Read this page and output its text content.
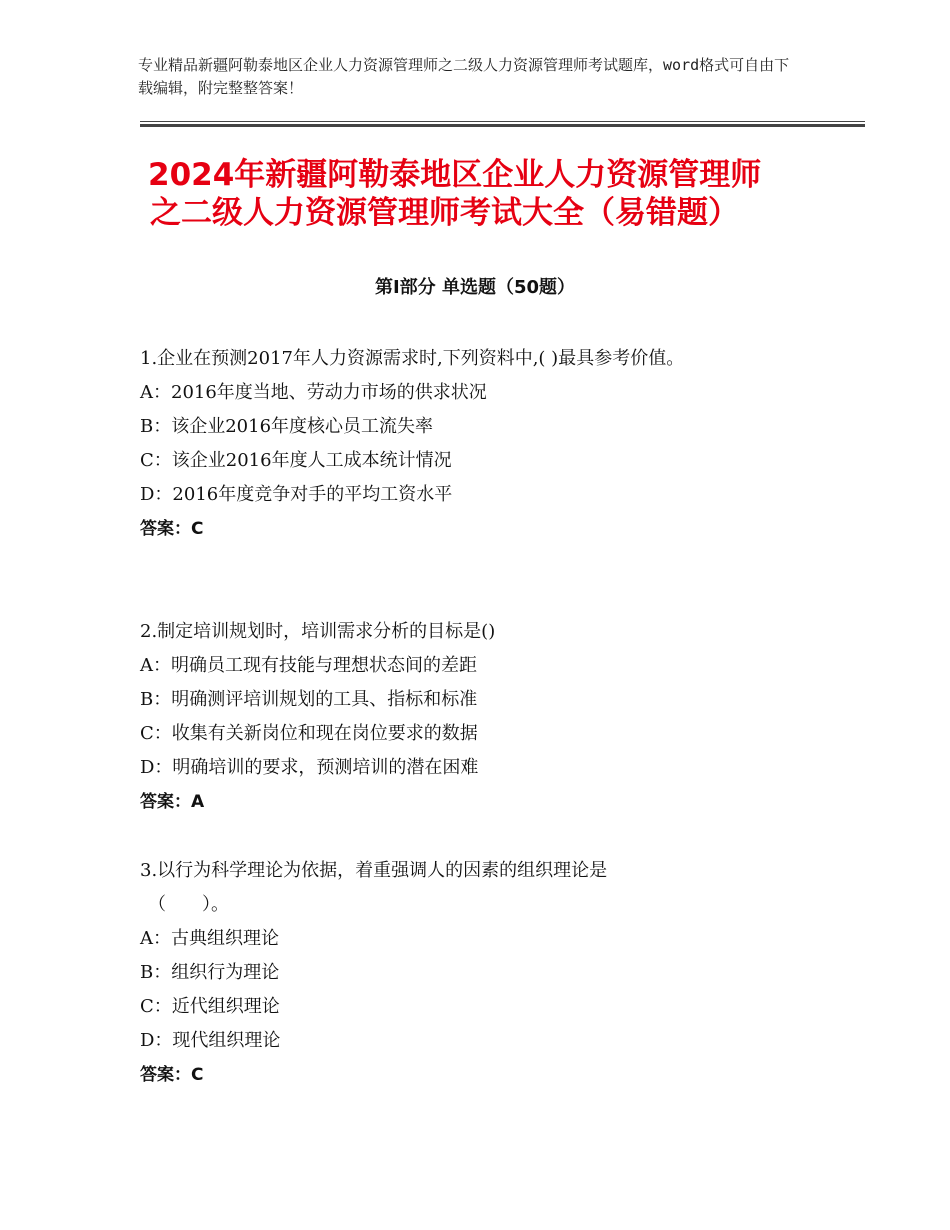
专业精品新疆阿勒泰地区企业人力资源管理师之二级人力资源管理师考试题库，word格式可自由下载编辑，附完整整答案！
2024年新疆阿勒泰地区企业人力资源管理师
之二级人力资源管理师考试大全（易错题）
第Ⅰ部分 单选题（50题）

1.企业在预测2017年人力资源需求时,下列资料中,( )最具参考价值。

A：2016年度当地、劳动力市场的供求状况

B：该企业2016年度核心员工流失率

C：该企业2016年度人工成本统计情况

D：2016年度竞争对手的平均工资水平

答案：C

2.制定培训规划时，培训需求分析的目标是()

A：明确员工现有技能与理想状态间的差距

B：明确测评培训规划的工具、指标和标准

C：收集有关新岗位和现在岗位要求的数据

D：明确培训的要求，预测培训的潜在困难

答案：A

3.以行为科学理论为依据，着重强调人的因素的组织理论是
（　　）。

A：古典组织理论

B：组织行为理论

C：近代组织理论

D：现代组织理论

答案：C
